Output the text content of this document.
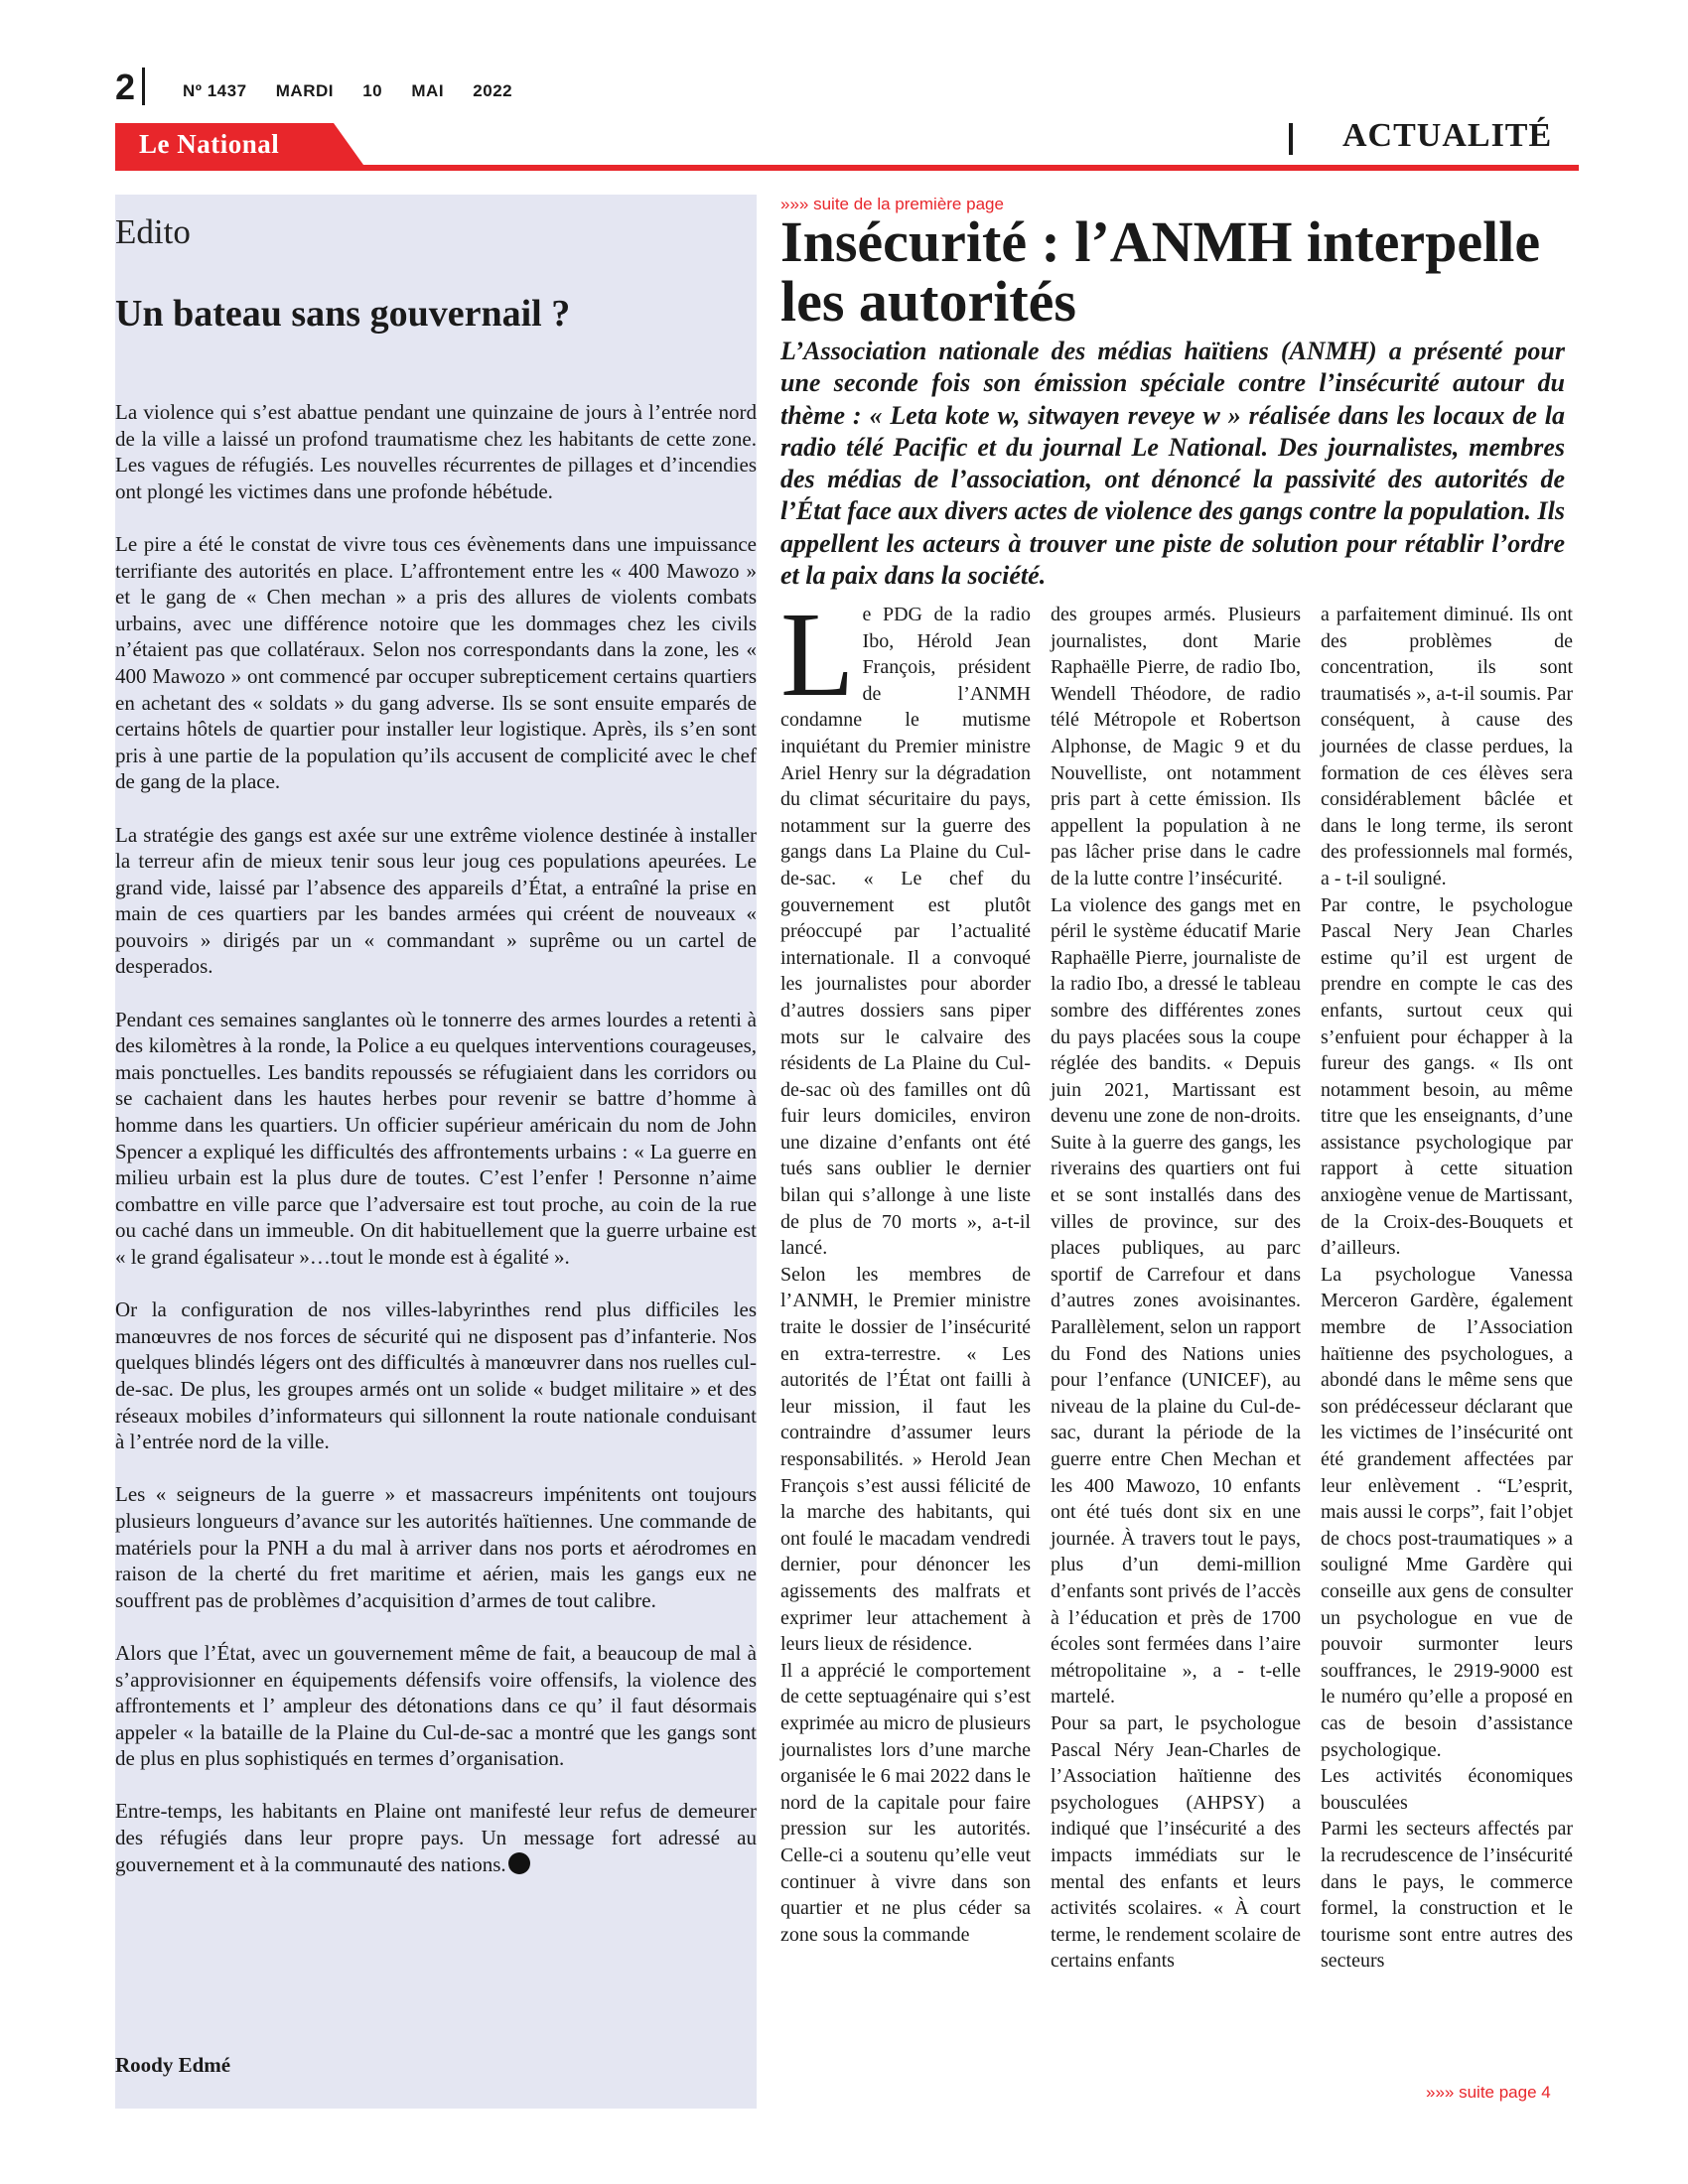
2	Nº 1437 MARDI 10 MAI 2022
Le National	ACTUALITÉ
Edito
Un bateau sans gouvernail ?

La violence qui s’est abattue pendant une quinzaine de jours à l’entrée nord de la ville a laissé un profond traumatisme chez les habitants de cette zone. Les vagues de réfugiés. Les nouvelles récurrentes de pillages et d’incendies ont plongé les victimes dans une profonde hébétude.

Le pire a été le constat de vivre tous ces évènements dans une impuissance terrifiante des autorités en place. L’affrontement entre les « 400 Mawozo » et le gang de « Chen mechan » a pris des allures de violents combats urbains, avec une différence notoire que les dommages chez les civils n’étaient pas que collatéraux. Selon nos correspondants dans la zone, les « 400 Mawozo » ont commencé par occuper subrepticement certains quartiers en achetant des « soldats » du gang adverse. Ils se sont ensuite emparés de certains hôtels de quartier pour installer leur logistique. Après, ils s’en sont pris à une partie de la population qu’ils accusent de complicité avec le chef de gang de la place.

La stratégie des gangs est axée sur une extrême violence destinée à installer la terreur afin de mieux tenir sous leur joug ces populations apeurées. Le grand vide, laissé par l’absence des appareils d’État, a entraîné la prise en main de ces quartiers par les bandes armées qui créent de nouveaux « pouvoirs » dirigés par un « commandant » suprême ou un cartel de desperados.

Pendant ces semaines sanglantes où le tonnerre des armes lourdes a retenti à des kilomètres à la ronde, la Police a eu quelques interventions courageuses, mais ponctuelles. Les bandits repoussés se réfugiaient dans les corridors ou se cachaient dans les hautes herbes pour revenir se battre d’homme à homme dans les quartiers. Un officier supérieur américain du nom de John Spencer a expliqué les difficultés des affrontements urbains : « La guerre en milieu urbain est la plus dure de toutes. C’est l’enfer ! Personne n’aime combattre en ville parce que l’adversaire est tout proche, au coin de la rue ou caché dans un immeuble. On dit habituellement que la guerre urbaine est « le grand égalisateur »…tout le monde est à égalité ».

Or la configuration de nos villes-labyrinthes rend plus difficiles les manœuvres de nos forces de sécurité qui ne disposent pas d’infanterie. Nos quelques blindés légers ont des difficultés à manœuvrer dans nos ruelles cul-de-sac. De plus, les groupes armés ont un solide « budget militaire » et des réseaux mobiles d’informateurs qui sillonnent la route nationale conduisant à l’entrée nord de la ville.

Les « seigneurs de la guerre » et massacreurs impénitents ont toujours plusieurs longueurs d’avance sur les autorités haïtiennes. Une commande de matériels pour la PNH a du mal à arriver dans nos ports et aérodromes en raison de la cherté du fret maritime et aérien, mais les gangs eux ne souffrent pas de problèmes d’acquisition d’armes de tout calibre.

Alors que l’État, avec un gouvernement même de fait, a beaucoup de mal à s’approvisionner en équipements défensifs voire offensifs, la violence des affrontements et l’ ampleur des détonations dans ce qu’ il faut désormais appeler « la bataille de la Plaine du Cul-de-sac a montré que les gangs sont de plus en plus sophistiqués en termes d’organisation.

Entre-temps, les habitants en Plaine ont manifesté leur refus de demeurer des réfugiés dans leur propre pays. Un message fort adressé au gouvernement et à la communauté des nations.

Roody Edmé
»»» suite de la première page
Insécurité : l’ANMH interpelle les autorités
L’Association nationale des médias haïtiens (ANMH) a présenté pour une seconde fois son émission spéciale contre l’insécurité autour du thème : « Leta kote w, sitwayen reveye w » réalisée dans les locaux de la radio télé Pacific et du journal Le National. Des journalistes, membres des médias de l’association, ont dénoncé la passivité des autorités de l’État face aux divers actes de violence des gangs contre la population. Ils appellent les acteurs à trouver une piste de solution pour rétablir l’ordre et la paix dans la société.

Le PDG de la radio Ibo, Hérold Jean François, président de l’ANMH condamne le mutisme inquiétant du Premier ministre Ariel Henry sur la dégradation du climat sécuritaire du pays, notamment sur la guerre des gangs dans La Plaine du Cul-de-sac. « Le chef du gouvernement est plutôt préoccupé par l’actualité internationale. Il a convoqué les journalistes pour aborder d’autres dossiers sans piper mots sur le calvaire des résidents de La Plaine du Cul-de-sac où des familles ont dû fuir leurs domiciles, environ une dizaine d’enfants ont été tués sans oublier le dernier bilan qui s’allonge à une liste de plus de 70 morts », a-t-il lancé.

Selon les membres de l’ANMH, le Premier ministre traite le dossier de l’insécurité en extra-terrestre. « Les autorités de l’État ont failli à leur mission, il faut les contraindre d’assumer leurs responsabilités. » Herold Jean François s’est aussi félicité de la marche des habitants, qui ont foulé le macadam vendredi dernier, pour dénoncer les agissements des malfrats et exprimer leur attachement à leurs lieux de résidence.

Il a apprécié le comportement de cette septuagénaire qui s’est exprimée au micro de plusieurs journalistes lors d’une marche organisée le 6 mai 2022 dans le nord de la capitale pour faire pression sur les autorités. Celle-ci a soutenu qu’elle veut continuer à vivre dans son quartier et ne plus céder sa zone sous la commande

des groupes armés. Plusieurs journalistes, dont Marie Raphaëlle Pierre, de radio Ibo, Wendell Théodore, de radio télé Métropole et Robertson Alphonse, de Magic 9 et du Nouvelliste, ont notamment pris part à cette émission. Ils appellent la population à ne pas lâcher prise dans le cadre de la lutte contre l’insécurité.

La violence des gangs met en péril le système éducatif Marie Raphaëlle Pierre, journaliste de la radio Ibo, a dressé le tableau sombre des différentes zones du pays placées sous la coupe réglée des bandits. « Depuis juin 2021, Martissant est devenu une zone de non-droits. Suite à la guerre des gangs, les riverains des quartiers ont fui et se sont installés dans des villes de province, sur des places publiques, au parc sportif de Carrefour et dans d’autres zones avoisinantes. Parallèlement, selon un rapport du Fond des Nations unies pour l’enfance (UNICEF), au niveau de la plaine du Cul-de-sac, durant la période de la guerre entre Chen Mechan et les 400 Mawozo, 10 enfants ont été tués dont six en une journée. À travers tout le pays, plus d’un demi-million d’enfants sont privés de l’accès à l’éducation et près de 1700 écoles sont fermées dans l’aire métropolitaine », a - t-elle martelé.

Pour sa part, le psychologue Pascal Néry Jean-Charles de l’Association haïtienne des psychologues (AHPSY) a indiqué que l’insécurité a des impacts immédiats sur le mental des enfants et leurs activités scolaires. « À court terme, le rendement scolaire de certains enfants

a parfaitement diminué. Ils ont des problèmes de concentration, ils sont traumatisés », a-t-il soumis. Par conséquent, à cause des journées de classe perdues, la formation de ces élèves sera considérablement bâclée et dans le long terme, ils seront des professionnels mal formés, a - t-il souligné.

Par contre, le psychologue Pascal Nery Jean Charles estime qu’il est urgent de prendre en compte le cas des enfants, surtout ceux qui s’enfuient pour échapper à la fureur des gangs. « Ils ont notamment besoin, au même titre que les enseignants, d’une assistance psychologique par rapport à cette situation anxiogène venue de Martissant, de la Croix-des-Bouquets et d’ailleurs.

La psychologue Vanessa Merceron Gardère, également membre de l’Association haïtienne des psychologues, a abondé dans le même sens que son prédécesseur déclarant que les victimes de l’insécurité ont été grandement affectées par leur enlèvement . “L’esprit, mais aussi le corps”, fait l’objet de chocs post-traumatiques » a souligné Mme Gardère qui conseille aux gens de consulter un psychologue en vue de pouvoir surmonter leurs souffrances, le 2919-9000 est le numéro qu’elle a proposé en cas de besoin d’assistance psychologique.

Les activités économiques bousculées

Parmi les secteurs affectés par la recrudescence de l’insécurité dans le pays, le commerce formel, la construction et le tourisme sont entre autres des secteurs

»»» suite page 4
